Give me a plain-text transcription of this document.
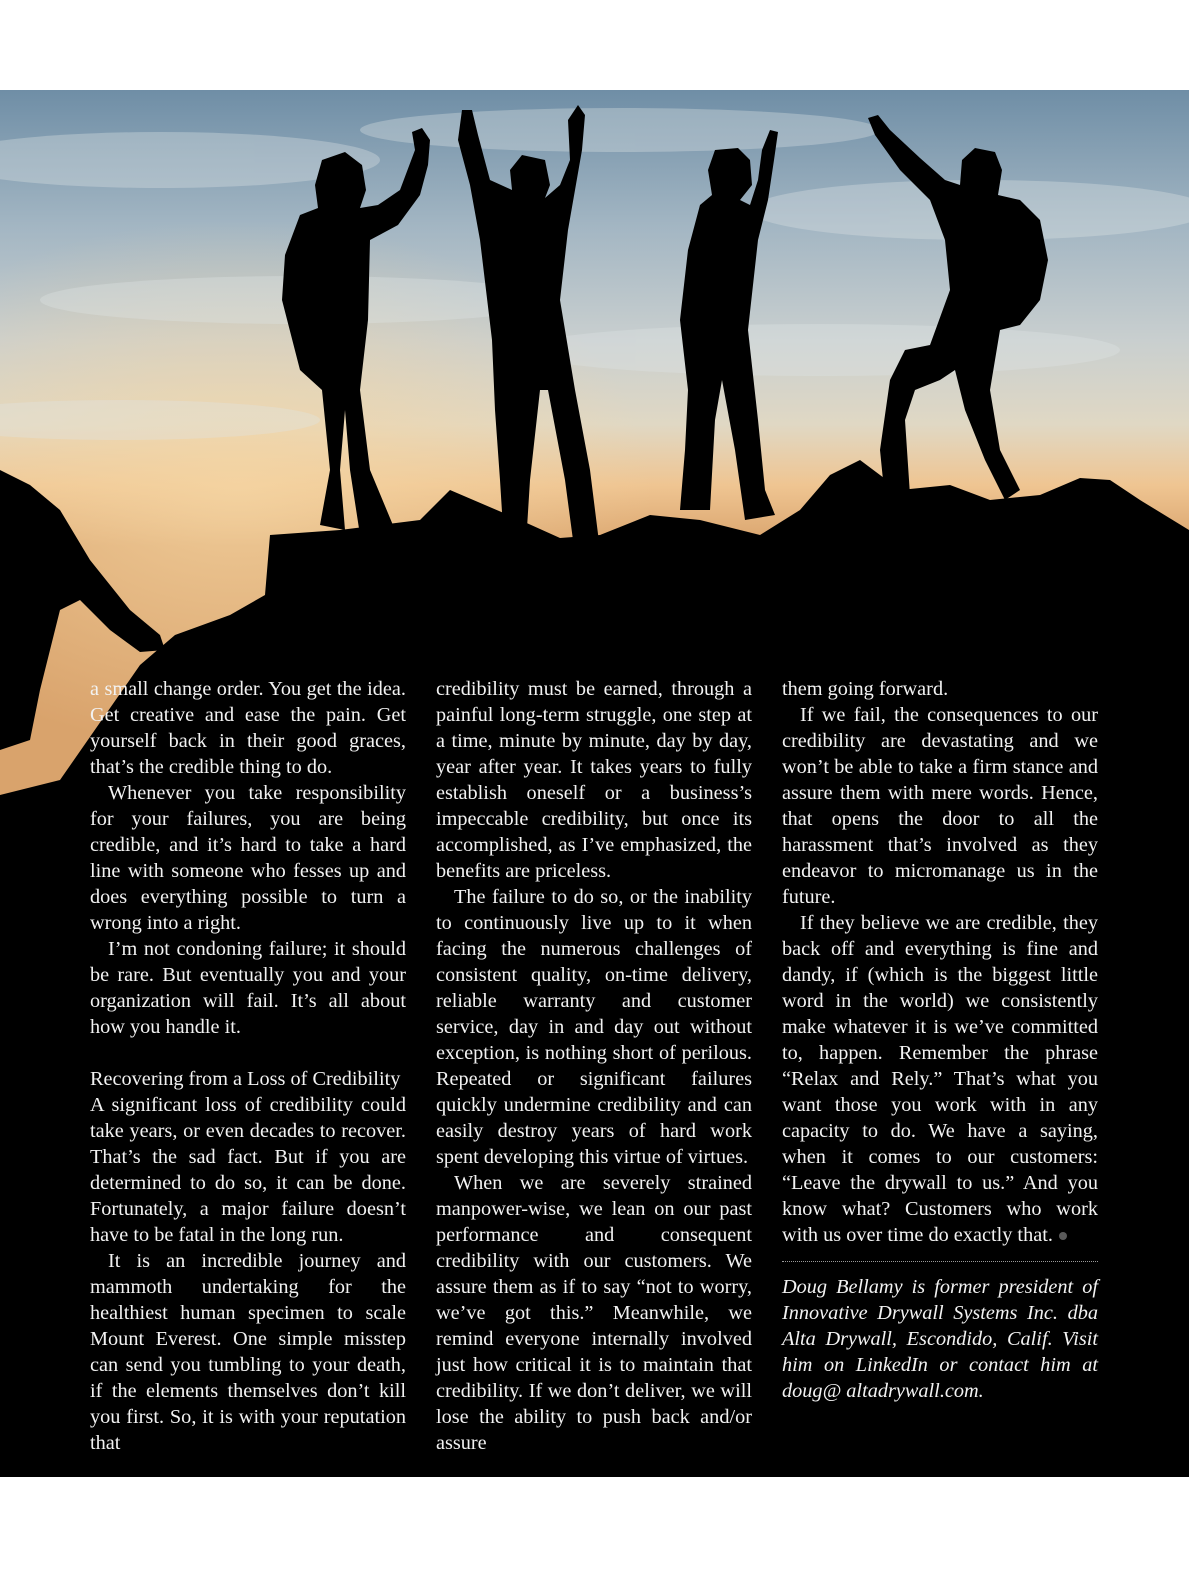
a small change order. You get the idea. Get creative and ease the pain. Get yourself back in their good graces, that’s the credible thing to do.

Whenever you take responsibility for your failures, you are being credible, and it’s hard to take a hard line with someone who fesses up and does everything possible to turn a wrong into a right.

I’m not condoning failure; it should be rare. But eventually you and your organization will fail. It’s all about how you handle it.

Recovering from a Loss of Credibility

A significant loss of credibility could take years, or even decades to recover. That’s the sad fact. But if you are determined to do so, it can be done. Fortunately, a major failure doesn’t have to be fatal in the long run.

It is an incredible journey and mammoth undertaking for the healthiest human specimen to scale Mount Everest. One simple misstep can send you tumbling to your death, if the elements themselves don’t kill you first. So, it is with your reputation that

credibility must be earned, through a painful long-term struggle, one step at a time, minute by minute, day by day, year after year. It takes years to fully establish oneself or a business’s impeccable credibility, but once its accomplished, as I’ve emphasized, the benefits are priceless.

The failure to do so, or the inability to continuously live up to it when facing the numerous challenges of consistent quality, on-time delivery, reliable warranty and customer service, day in and day out without exception, is nothing short of perilous. Repeated or significant failures quickly undermine credibility and can easily destroy years of hard work spent developing this virtue of virtues.

When we are severely strained manpower-wise, we lean on our past performance and consequent credibility with our customers. We assure them as if to say “not to worry, we’ve got this.” Meanwhile, we remind everyone internally involved just how critical it is to maintain that credibility. If we don’t deliver, we will lose the ability to push back and/or assure

them going forward.

If we fail, the consequences to our credibility are devastating and we won’t be able to take a firm stance and assure them with mere words. Hence, that opens the door to all the harassment that’s involved as they endeavor to micromanage us in the future.

If they believe we are credible, they back off and everything is fine and dandy, if (which is the biggest little word in the world) we consistently make whatever it is we’ve committed to, happen. Remember the phrase “Relax and Rely.” That’s what you want those you work with in any capacity to do. We have a saying, when it comes to our customers: “Leave the drywall to us.” And you know what? Customers who work with us over time do exactly that.

Doug Bellamy is former president of Innovative Drywall Systems Inc. dba Alta Drywall, Escondido, Calif. Visit him on LinkedIn or contact him at doug@ altadrywall.com.
